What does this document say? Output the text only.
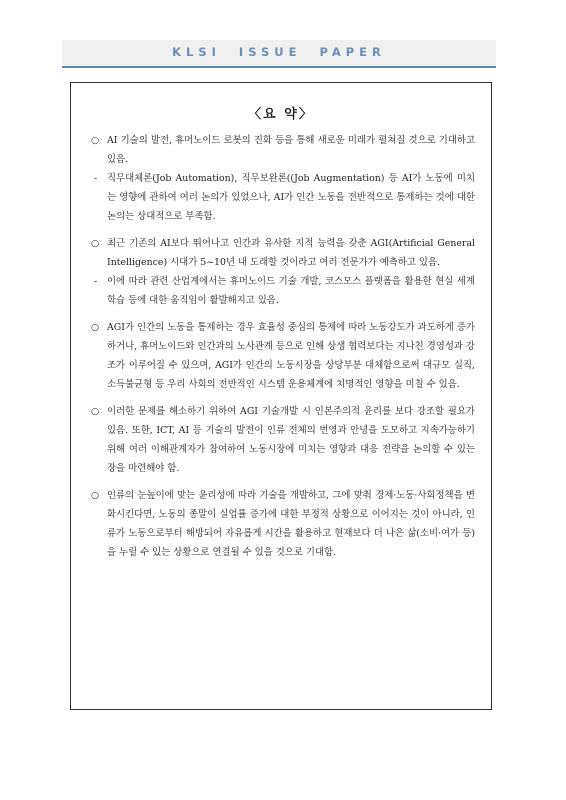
KLSI  ISSUE  PAPER
〈요 약〉
○ AI 기술의 발전, 휴머노이드 로봇의 진화 등을 통해 새로운 미래가 펼쳐질 것으로 기대하고 있음.
- 직무대체론(Job Automation), 직무보완론((Job Augmentation) 등 AI가 노동에 미치는 영향에 관하여 여러 논의가 있었으나, AI가 인간 노동을 전반적으로 통제하는 것에 대한 논의는 상대적으로 부족함.
○ 최근 기존의 AI보다 뛰어나고 인간과 유사한 지적 능력을 갖춘 AGI(Artificial General Intelligence) 시대가 5~10년 내 도래할 것이라고 여러 전문가가 예측하고 있음.
- 이에 따라 관련 산업계에서는 휴머노이드 기술 개발, 코스모스 플랫폼을 활용한 현실 세계 학습 등에 대한 움직임이 활발해지고 있음.
○ AGI가 인간의 노동을 통제하는 경우 효율성 중심의 통제에 따라 노동강도가 과도하게 증가하거나, 휴머노이드와 인간과의 노사관계 등으로 인해 상생 협력보다는 지나친 경영성과 강조가 이루어질 수 있으며, AGI가 인간의 노동시장을 상당부분 대체함으로써 대규모 실직, 소득불균형 등 우리 사회의 전반적인 시스템 운용체계에 치명적인 영향을 미칠 수 있음.
○ 이러한 문제를 해소하기 위하여 AGI 기술개발 시 인본주의적 윤리를 보다 강조할 필요가 있음. 또한, ICT, AI 등 기술의 발전이 인류 전체의 번영과 안녕을 도모하고 지속가능하기 위해 여러 이해관계자가 참여하여 노동시장에 미치는 영향과 대응 전략을 논의할 수 있는 장을 마련해야 함.
○ 인류의 눈높이에 맞는 윤리성에 따라 기술을 개발하고, 그에 맞춰 경제·노동·사회정책을 변화시킨다면, 노동의 종말이 실업률 증가에 대한 부정적 상황으로 이어지는 것이 아니라, 인류가 노동으로부터 해방되어 자유롭게 시간을 활용하고 현재보다 더 나은 삶(소비·여가 등)을 누릴 수 있는 상황으로 연결될 수 있을 것으로 기대함.
